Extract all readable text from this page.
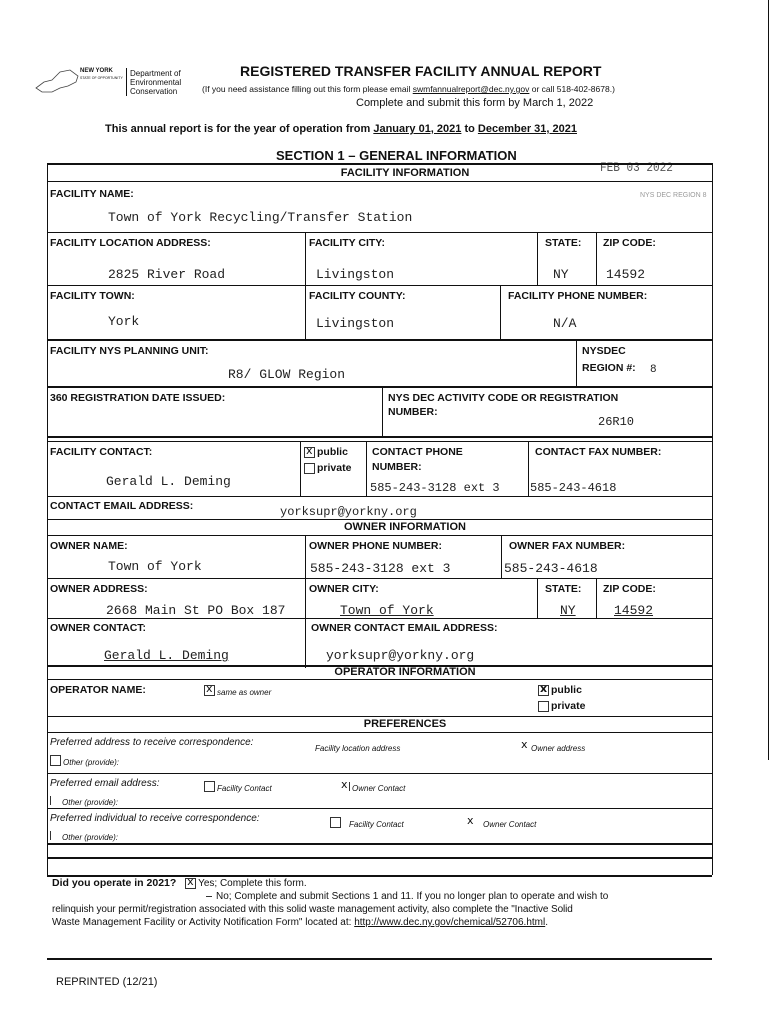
NEW YORK
STATE OF OPPORTUNITY Department of
Environmental
Conservation
REGISTERED TRANSFER FACILITY ANNUAL REPORT
(If you need assistance filling out this form please email swmfannualreport@dec.ny.gov or call 518-402-8678.)
Complete and submit this form by March 1, 2022
This annual report is for the year of operation from January 01, 2021 to December 31, 2021
SECTION 1 – GENERAL INFORMATION
FEB 03 2022
NYS DEC REGION 8
FACILITY INFORMATION
FACILITY NAME:
Town of York Recycling/Transfer Station
FACILITY LOCATION ADDRESS:
2825 River Road
FACILITY CITY:
Livingston
STATE:
NY
ZIP CODE:
14592
FACILITY TOWN:
York
FACILITY COUNTY:
Livingston
FACILITY PHONE NUMBER:
N/A
FACILITY NYS PLANNING UNIT:
R8/ GLOW Region
NYSDEC
REGION #: 8
360 REGISTRATION DATE ISSUED:	NYS DEC ACTIVITY CODE OR REGISTRATION
NUMBER:
26R10
FACILITY CONTACT:
Gerald L. Deming
xpublic
private
CONTACT PHONE
NUMBER:
585-243-3128 ext 3
CONTACT FAX NUMBER:
585-243-4618
CONTACT EMAIL ADDRESS:	yorksupr@yorkny.org
OWNER INFORMATION
OWNER NAME:
Town of York
OWNER PHONE NUMBER:
585-243-3128 ext 3
OWNER FAX NUMBER:
585-243-4618
OWNER ADDRESS:
2668 Main St PO Box 187
OWNER CITY:
Town of York
STATE:
NY
ZIP CODE:
14592
OWNER CONTACT:
Gerald L. Deming
OWNER CONTACT EMAIL ADDRESS:
yorksupr@yorkny.org
OPERATOR INFORMATION
OPERATOR NAME: x	same as owner x	public
private
PREFERENCES
Preferred address to receive correspondence:
Facility location address x	Owner address
Other (provide):
Preferred email address:	Facility Contact x	Owner Contact
Other (provide):
Preferred individual to receive correspondence:
Facility Contact x	Owner Contact
Other (provide):
Did you operate in 2021? x Yes; Complete this form.
No; Complete and submit Sections 1 and 11. If you no longer plan to operate and wish to
relinquish your permit/registration associated with this solid waste management activity, also complete the "Inactive Solid
Waste Management Facility or Activity Notification Form" located at: http://www.dec.ny.gov/chemical/52706.html.
REPRINTED (12/21)
